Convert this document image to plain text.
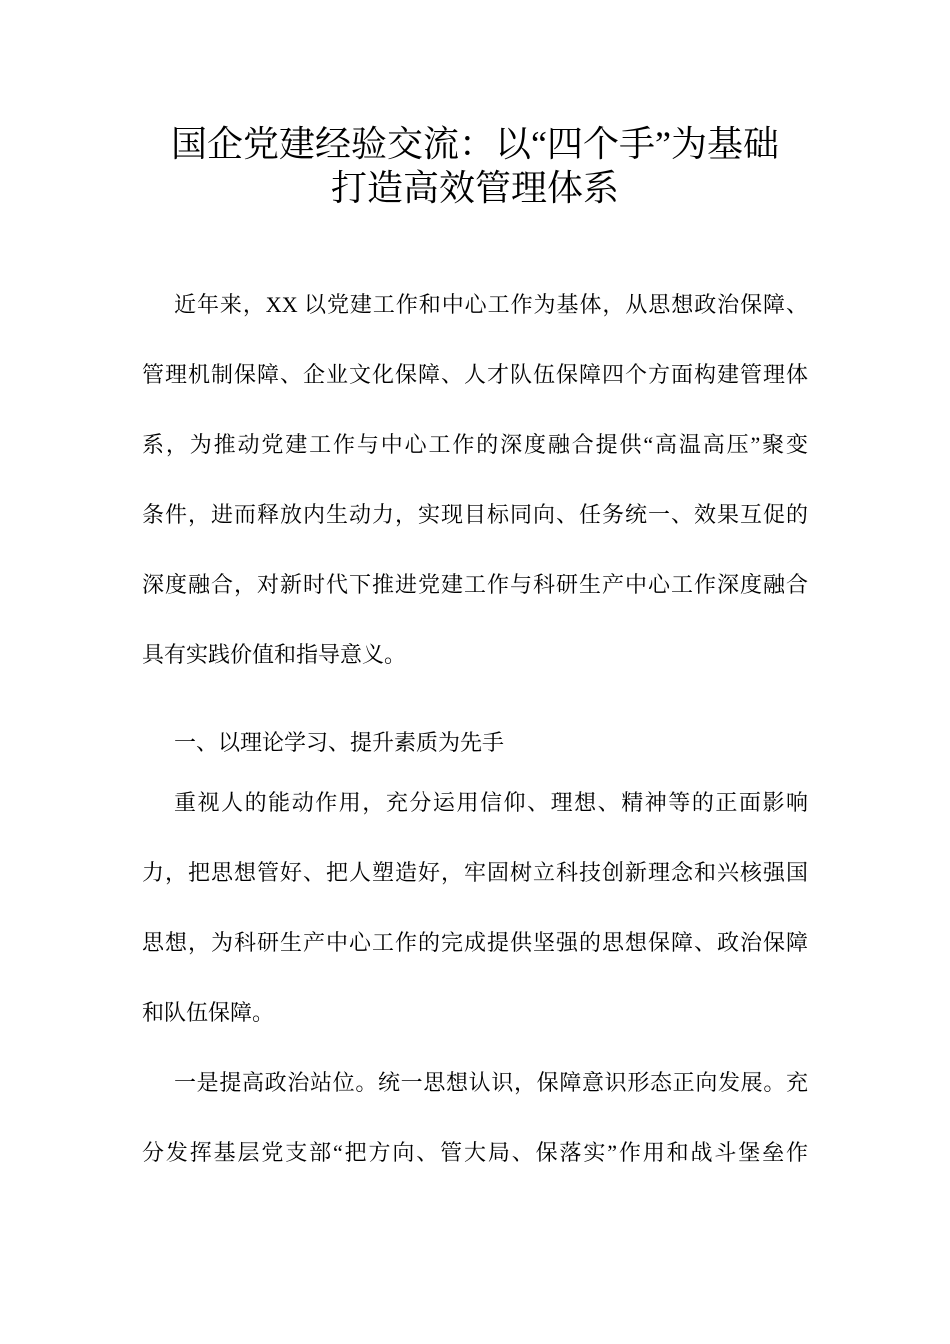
国企党建经验交流：以“四个手”为基础
打造高效管理体系
近年来，XX 以党建工作和中心工作为基体，从思想政治保障、
管理机制保障、企业文化保障、人才队伍保障四个方面构建管理体
系，为推动党建工作与中心工作的深度融合提供“高温高压”聚变
条件，进而释放内生动力，实现目标同向、任务统一、效果互促的
深度融合，对新时代下推进党建工作与科研生产中心工作深度融合
具有实践价值和指导意义。
一、以理论学习、提升素质为先手
重视人的能动作用，充分运用信仰、理想、精神等的正面影响
力，把思想管好、把人塑造好，牢固树立科技创新理念和兴核强国
思想，为科研生产中心工作的完成提供坚强的思想保障、政治保障
和队伍保障。
一是提高政治站位。统一思想认识，保障意识形态正向发展。充
分发挥基层党支部“把方向、管大局、保落实”作用和战斗堡垒作
